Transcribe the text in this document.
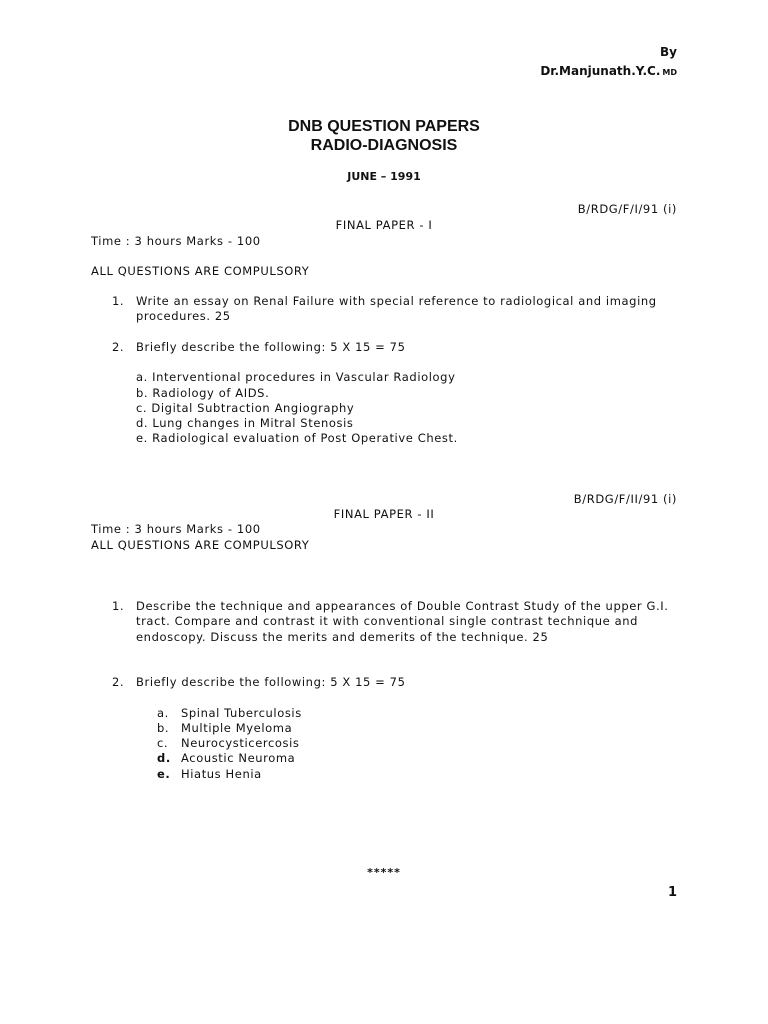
By
Dr.Manjunath.Y.C. MD
DNB QUESTION PAPERS
RADIO-DIAGNOSIS
JUNE – 1991
B/RDG/F/I/91 (i)
FINAL PAPER - I
Time : 3 hours Marks - 100
ALL QUESTIONS ARE COMPULSORY
1. Write an essay on Renal Failure with special reference to radiological and imaging
procedures. 25
2. Briefly describe the following: 5 X 15 = 75
a. Interventional procedures in Vascular Radiology
b. Radiology of AIDS.
c. Digital Subtraction Angiography
d. Lung changes in Mitral Stenosis
e. Radiological evaluation of Post Operative Chest.
B/RDG/F/II/91 (i)
FINAL PAPER - II
Time : 3 hours Marks - 100
ALL QUESTIONS ARE COMPULSORY
1. Describe the technique and appearances of Double Contrast Study of the upper G.I.
tract. Compare and contrast it with conventional single contrast technique and
endoscopy. Discuss the merits and demerits of the technique. 25
2. Briefly describe the following: 5 X 15 = 75
a. Spinal Tuberculosis
b. Multiple Myeloma
c. Neurocysticercosis
d. Acoustic Neuroma
e. Hiatus Henia
*****
1
